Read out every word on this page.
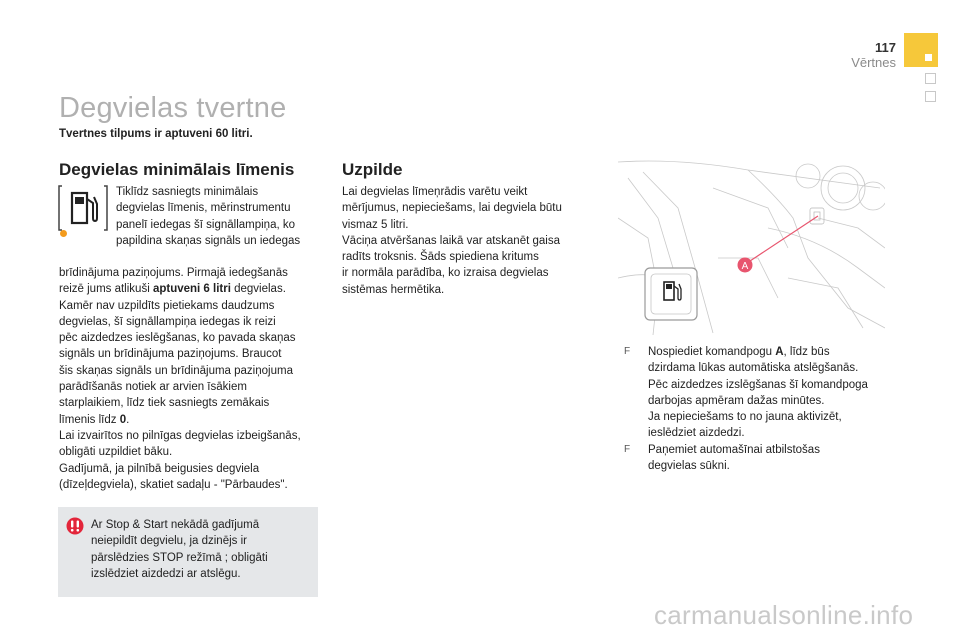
117
Vērtnes
Degvielas tvertne

Tvertnes tilpums ir aptuveni 60 litri.

Degvielas minimālais līmenis
Tiklīdz sasniegts minimālais
degvielas līmenis, mērinstrumentu
panelī iedegas šī signāllampiņa, ko
papildina skaņas signāls un iedegas
brīdinājuma paziņojums. Pirmajā iedegšanās
reizē jums atlikuši aptuveni 6 litri degvielas.
Kamēr nav uzpildīts pietiekams daudzums
degvielas, šī signāllampiņa iedegas ik reizi
pēc aizdedzes ieslēgšanas, ko pavada skaņas
signāls un brīdinājuma paziņojums. Braucot
šis skaņas signāls un brīdinājuma paziņojuma
parādīšanās notiek ar arvien īsākiem
starplaikiem, līdz tiek sasniegts zemākais
līmenis līdz 0.
Lai izvairītos no pilnīgas degvielas izbeigšanās,
obligāti uzpildiet bāku.
Gadījumā, ja pilnībā beigusies degviela
(dīzeļdegviela), skatiet sadaļu - "Pārbaudes".
Ar Stop & Start nekādā gadījumā
neiepildīt degvielu, ja dzinējs ir
pārslēdzies STOP režīmā ; obligāti
izslēdziet aizdedzi ar atslēgu.
Uzpilde
Lai degvielas līmeņrādis varētu veikt
mērījumus, nepieciešams, lai degviela būtu
vismaz 5 litri.
Vāciņa atvēršanas laikā var atskanēt gaisa
radīts troksnis. Šāds spiediena kritums
ir normāla parādība, ko izraisa degvielas
sistēmas hermētika.
A
F Nospiediet komandpogu A, līdz būs
dzirdama lūkas automātiska atslēgšanās.
Pēc aizdedzes izslēgšanas šī komandpoga
darbojas apmēram dažas minūtes.
Ja nepieciešams to no jauna aktivizēt,
ieslēdziet aizdedzi.
F Paņemiet automašīnai atbilstošas
degvielas sūkni.
carmanualsonline.info
